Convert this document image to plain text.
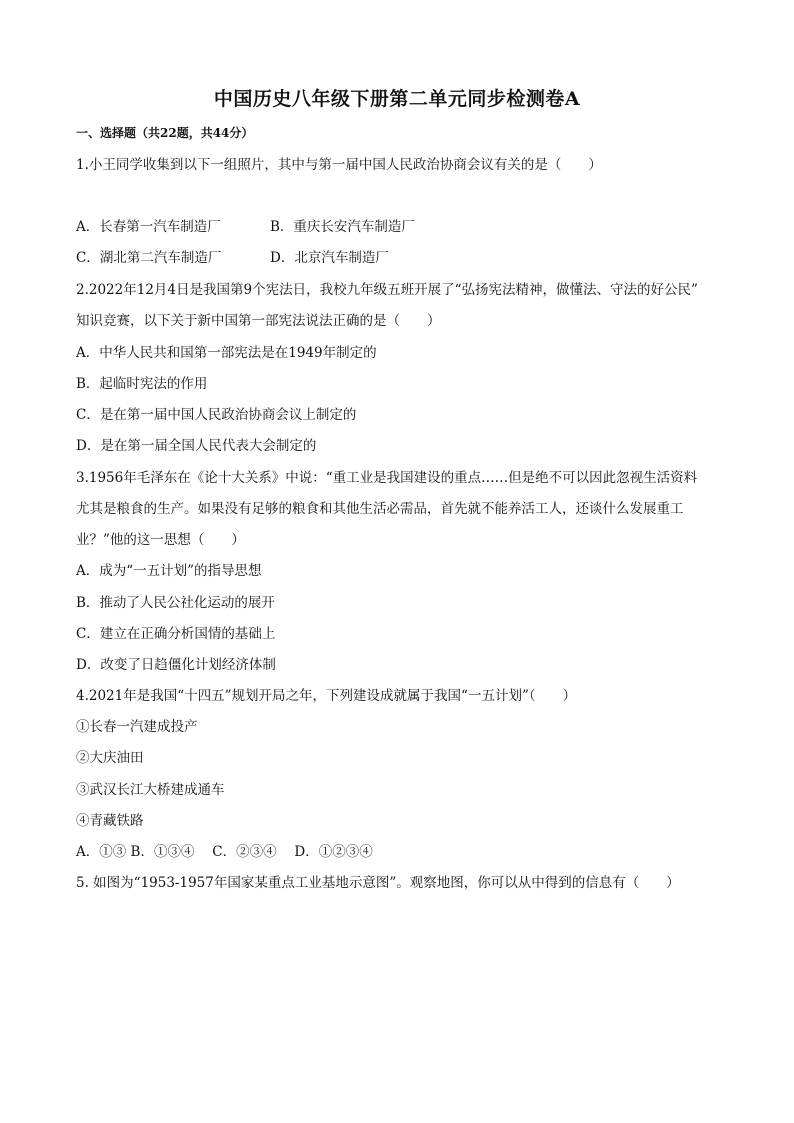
中国历史八年级下册第二单元同步检测卷A
一、选择题（共22题，共44分）
1.小王同学收集到以下一组照片，其中与第一届中国人民政治协商会议有关的是（　　）
A．长春第一汽车制造厂	B．重庆长安汽车制造厂
C．湖北第二汽车制造厂	D．北京汽车制造厂
2.2022年12月4日是我国第9个宪法日，我校九年级五班开展了“弘扬宪法精神，做懂法、守法的好公民”
知识竞赛，以下关于新中国第一部宪法说法正确的是（　　）
A．中华人民共和国第一部宪法是在1949年制定的
B．起临时宪法的作用
C．是在第一届中国人民政治协商会议上制定的
D．是在第一届全国人民代表大会制定的
3.1956年毛泽东在《论十大关系》中说：“重工业是我国建设的重点……但是绝不可以因此忽视生活资料
尤其是粮食的生产。如果没有足够的粮食和其他生活必需品，首先就不能养活工人，还谈什么发展重工
业？”他的这一思想（　　）
A．成为“一五计划”的指导思想
B．推动了人民公社化运动的展开
C．建立在正确分析国情的基础上
D．改变了日趋僵化计划经济体制
4.2021年是我国“十四五”规划开局之年，下列建设成就属于我国“一五计划”（　　）
①长春一汽建成投产
②大庆油田
③武汉长江大桥建成通车
④青藏铁路
A．①③ B．①③④　 C．②③④　 D．①②③④
5. 如图为“1953-1957年国家某重点工业基地示意图”。观察地图，你可以从中得到的信息有（　　）
